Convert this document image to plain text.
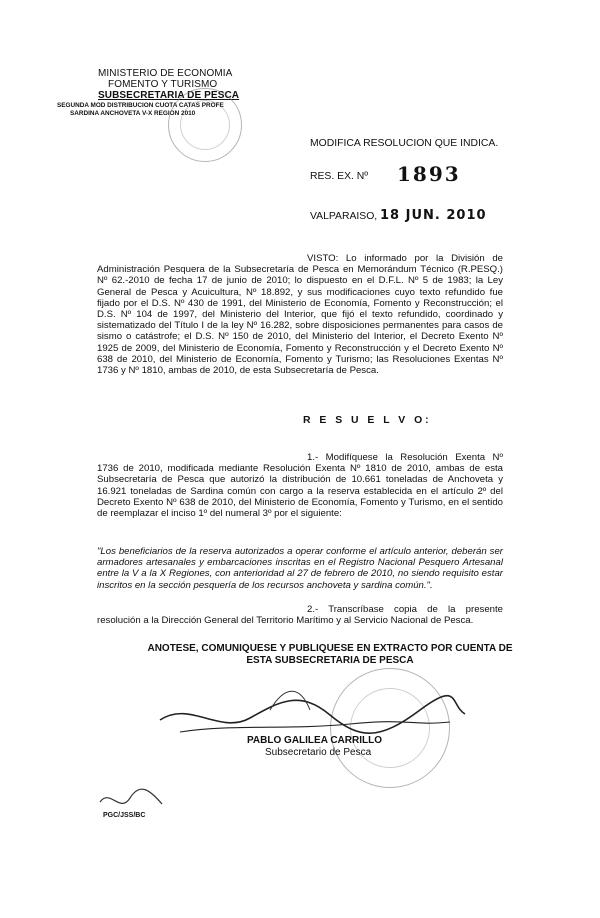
MINISTERIO DE ECONOMIA
FOMENTO Y TURISMO
SUBSECRETARIA DE PESCA
SEGUNDA MOD DISTRIBUCION CUOTA CATAS PROFE
SARDINA ANCHOVETA V-X REGION 2010
MODIFICA RESOLUCION QUE INDICA.
RES. EX. Nº 1893
VALPARAISO, 18 JUN. 2010
VISTO: Lo informado por la División de Administración Pesquera de la Subsecretaría de Pesca en Memorándum Técnico (R.PESQ.) Nº 62.-2010 de fecha 17 de junio de 2010; lo dispuesto en el D.F.L. Nº 5 de 1983; la Ley General de Pesca y Acuicultura, Nº 18.892, y sus modificaciones cuyo texto refundido fue fijado por el D.S. Nº 430 de 1991, del Ministerio de Economía, Fomento y Reconstrucción; el D.S. Nº 104 de 1997, del Ministerio del Interior, que fijó el texto refundido, coordinado y sistematizado del Título I de la ley Nº 16.282, sobre disposiciones permanentes para casos de sismo o catástrofe; el D.S. Nº 150 de 2010, del Ministerio del Interior, el Decreto Exento Nº 1925 de 2009, del Ministerio de Economía, Fomento y Reconstrucción y el Decreto Exento Nº 638 de 2010, del Ministerio de Economía, Fomento y Turismo; las Resoluciones Exentas Nº 1736 y Nº 1810, ambas de 2010, de esta Subsecretaría de Pesca.
R E S U E L V O:
1.- Modifíquese la Resolución Exenta Nº 1736 de 2010, modificada mediante Resolución Exenta Nº 1810 de 2010, ambas de esta Subsecretaría de Pesca que autorizó la distribución de 10.661 toneladas de Anchoveta y 16.921 toneladas de Sardina común con cargo a la reserva establecida en el artículo 2º del Decreto Exento Nº 638 de 2010, del Ministerio de Economía, Fomento y Turismo, en el sentido de reemplazar el inciso 1º del numeral 3º por el siguiente:
"Los beneficiarios de la reserva autorizados a operar conforme el artículo anterior, deberán ser armadores artesanales y embarcaciones inscritas en el Registro Nacional Pesquero Artesanal entre la V a la X Regiones, con anterioridad al 27 de febrero de 2010, no siendo requisito estar inscritos en la sección pesquería de los recursos anchoveta y sardina común.".
2.- Transcríbase copia de la presente resolución a la Dirección General del Territorio Marítimo y al Servicio Nacional de Pesca.
ANOTESE, COMUNIQUESE Y PUBLIQUESE EN EXTRACTO POR CUENTA DE
ESTA SUBSECRETARIA DE PESCA
PABLO GALILEA CARRILLO
Subsecretario de Pesca
PGC/JSS/BC
